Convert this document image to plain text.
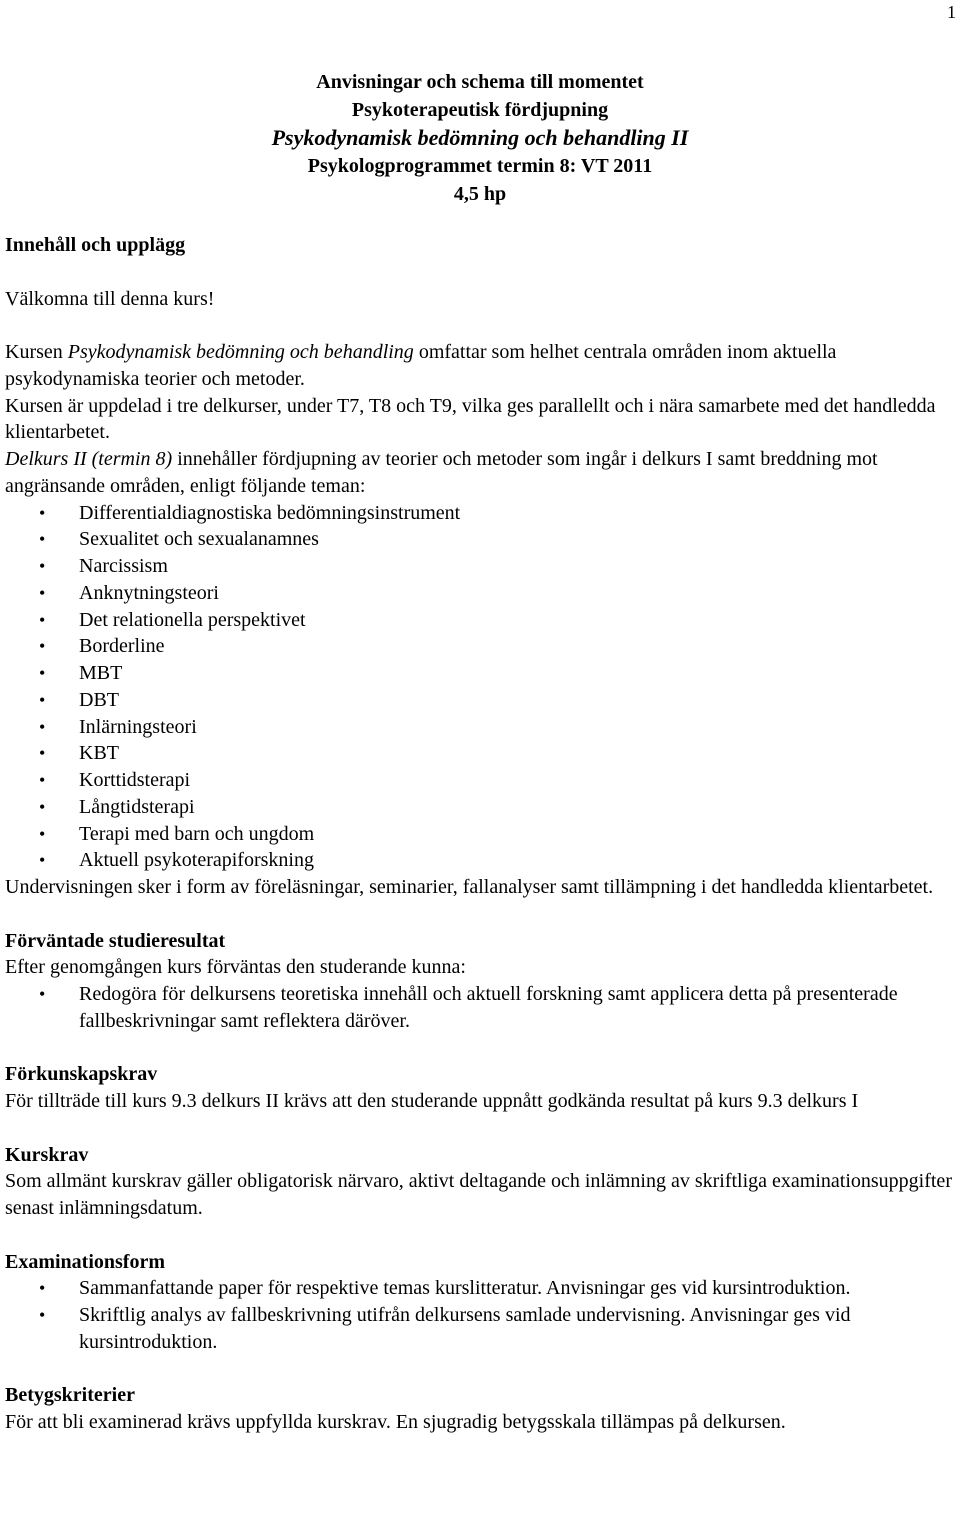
1
Anvisningar och schema till momentet
Psykoterapeutisk fördjupning
Psykodynamisk bedömning och behandling II
Psykologprogrammet termin 8: VT 2011
4,5 hp
Innehåll och upplägg

Välkomna till denna kurs!

Kursen Psykodynamisk bedömning och behandling omfattar som helhet centrala områden inom aktuella psykodynamiska teorier och metoder.

Kursen är uppdelad i tre delkurser, under T7, T8 och T9, vilka ges parallellt och i nära samarbete med det handledda klientarbetet.

Delkurs II (termin 8) innehåller fördjupning av teorier och metoder som ingår i delkurs I samt breddning mot angränsande områden, enligt följande teman:

• Differentialdiagnostiska bedömningsinstrument
• Sexualitet och sexualanamnes
• Narcissism
• Anknytningsteori
• Det relationella perspektivet
• Borderline
• MBT
• DBT
• Inlärningsteori
• KBT
• Korttidsterapi
• Långtidsterapi
• Terapi med barn och ungdom
• Aktuell psykoterapiforskning

Undervisningen sker i form av föreläsningar, seminarier, fallanalyser samt tillämpning i det handledda klientarbetet.

Förväntade studieresultat

Efter genomgången kurs förväntas den studerande kunna:

• Redogöra för delkursens teoretiska innehåll och aktuell forskning samt applicera detta på presenterade fallbeskrivningar samt reflektera däröver.
Förkunskapskrav

För tillträde till kurs 9.3 delkurs II krävs att den studerande uppnått godkända resultat på kurs 9.3 delkurs I

Kurskrav

Som allmänt kurskrav gäller obligatorisk närvaro, aktivt deltagande och inlämning av skriftliga examinationsuppgifter senast inlämningsdatum.

Examinationsform
• Sammanfattande paper för respektive temas kurslitteratur. Anvisningar ges vid kursintroduktion.
• Skriftlig analys av fallbeskrivning utifrån delkursens samlade undervisning. Anvisningar ges vid kursintroduktion.
Betygskriterier

För att bli examinerad krävs uppfyllda kurskrav. En sjugradig betygsskala tillämpas på delkursen.
